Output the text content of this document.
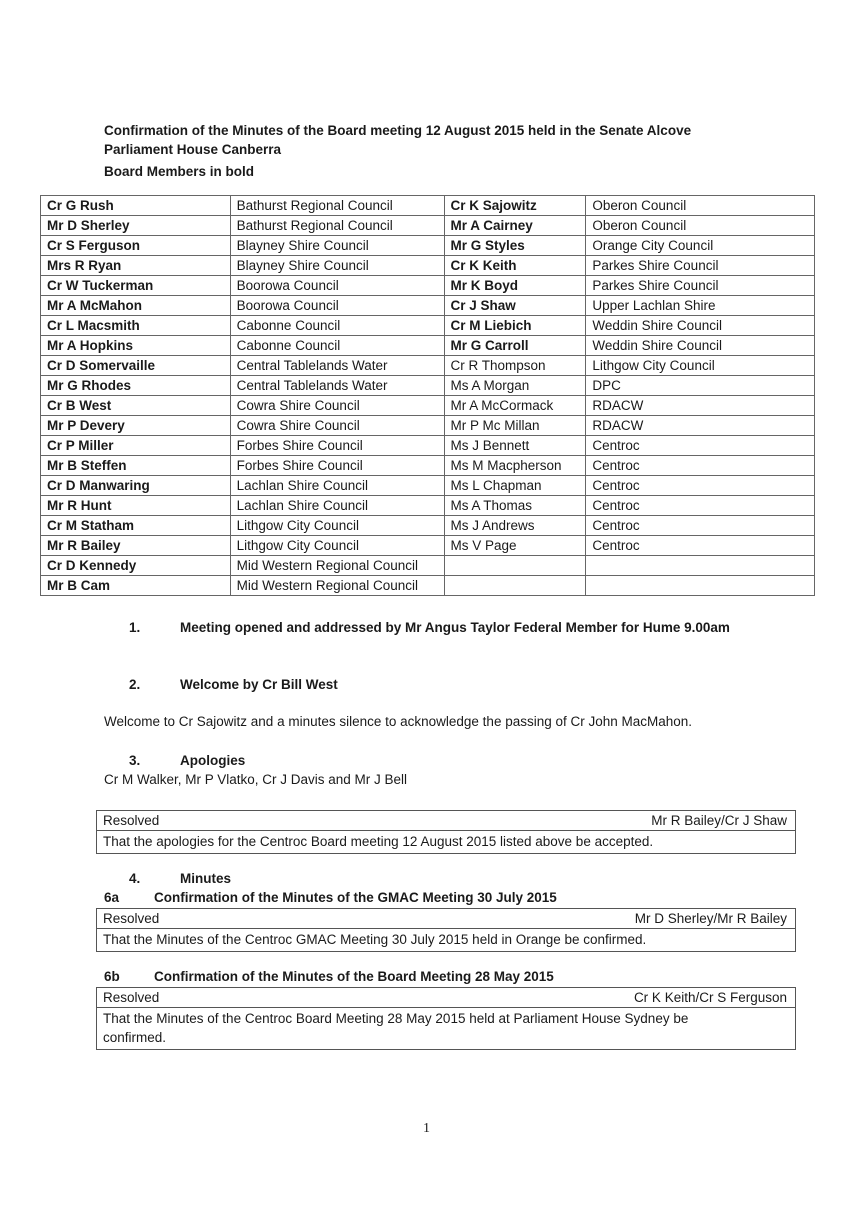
Confirmation of the Minutes of the Board meeting 12 August 2015 held in the Senate Alcove
Parliament House Canberra
Board Members in bold
Cr G Rush	Bathurst Regional Council	Cr K Sajowitz	Oberon Council
Mr D Sherley	Bathurst Regional Council	Mr A Cairney	Oberon Council
Cr S Ferguson	Blayney Shire Council	Mr G Styles	Orange City Council
Mrs R Ryan	Blayney Shire Council	Cr K Keith	Parkes Shire Council
Cr W Tuckerman	Boorowa Council	Mr K Boyd	Parkes Shire Council
Mr A McMahon	Boorowa Council	Cr J Shaw	Upper Lachlan Shire
Cr L Macsmith	Cabonne Council	Cr M Liebich	Weddin Shire Council
Mr A Hopkins	Cabonne Council	Mr G Carroll	Weddin Shire Council
Cr D Somervaille	Central Tablelands Water	Cr R Thompson	Lithgow City Council
Mr G Rhodes	Central Tablelands Water	Ms A Morgan	DPC
Cr B West	Cowra Shire Council	Mr A McCormack	RDACW
Mr P Devery	Cowra Shire Council	Mr P Mc Millan	RDACW
Cr P Miller	Forbes Shire Council	Ms J Bennett	Centroc
Mr B Steffen	Forbes Shire Council	Ms M Macpherson	Centroc
Cr D Manwaring	Lachlan Shire Council	Ms L Chapman	Centroc
Mr R Hunt	Lachlan Shire Council	Ms A Thomas	Centroc
Cr M Statham	Lithgow City Council	Ms J Andrews	Centroc
Mr R Bailey	Lithgow City Council	Ms V Page	Centroc
Cr D Kennedy	Mid Western Regional Council		
Mr B Cam	Mid Western Regional Council		
1.	Meeting opened and addressed by Mr Angus Taylor Federal Member for Hume 9.00am
2.	Welcome by Cr Bill West
Welcome to Cr Sajowitz and a minutes silence to acknowledge the passing of Cr John MacMahon.
3.	Apologies
Cr M Walker, Mr P Vlatko, Cr J Davis and Mr J Bell
Resolved	Mr R Bailey/Cr J Shaw
That the apologies for the Centroc Board meeting 12 August 2015 listed above be accepted.
4.	Minutes
6a	Confirmation of the Minutes of the GMAC Meeting 30 July 2015
Resolved	Mr D Sherley/Mr R Bailey
That the Minutes of the Centroc GMAC Meeting 30 July 2015 held in Orange be confirmed.
6b	Confirmation of the Minutes of the Board Meeting 28 May 2015
Resolved	Cr K Keith/Cr S Ferguson
That the Minutes of the Centroc Board Meeting 28 May 2015 held at Parliament House Sydney be
confirmed.
1
